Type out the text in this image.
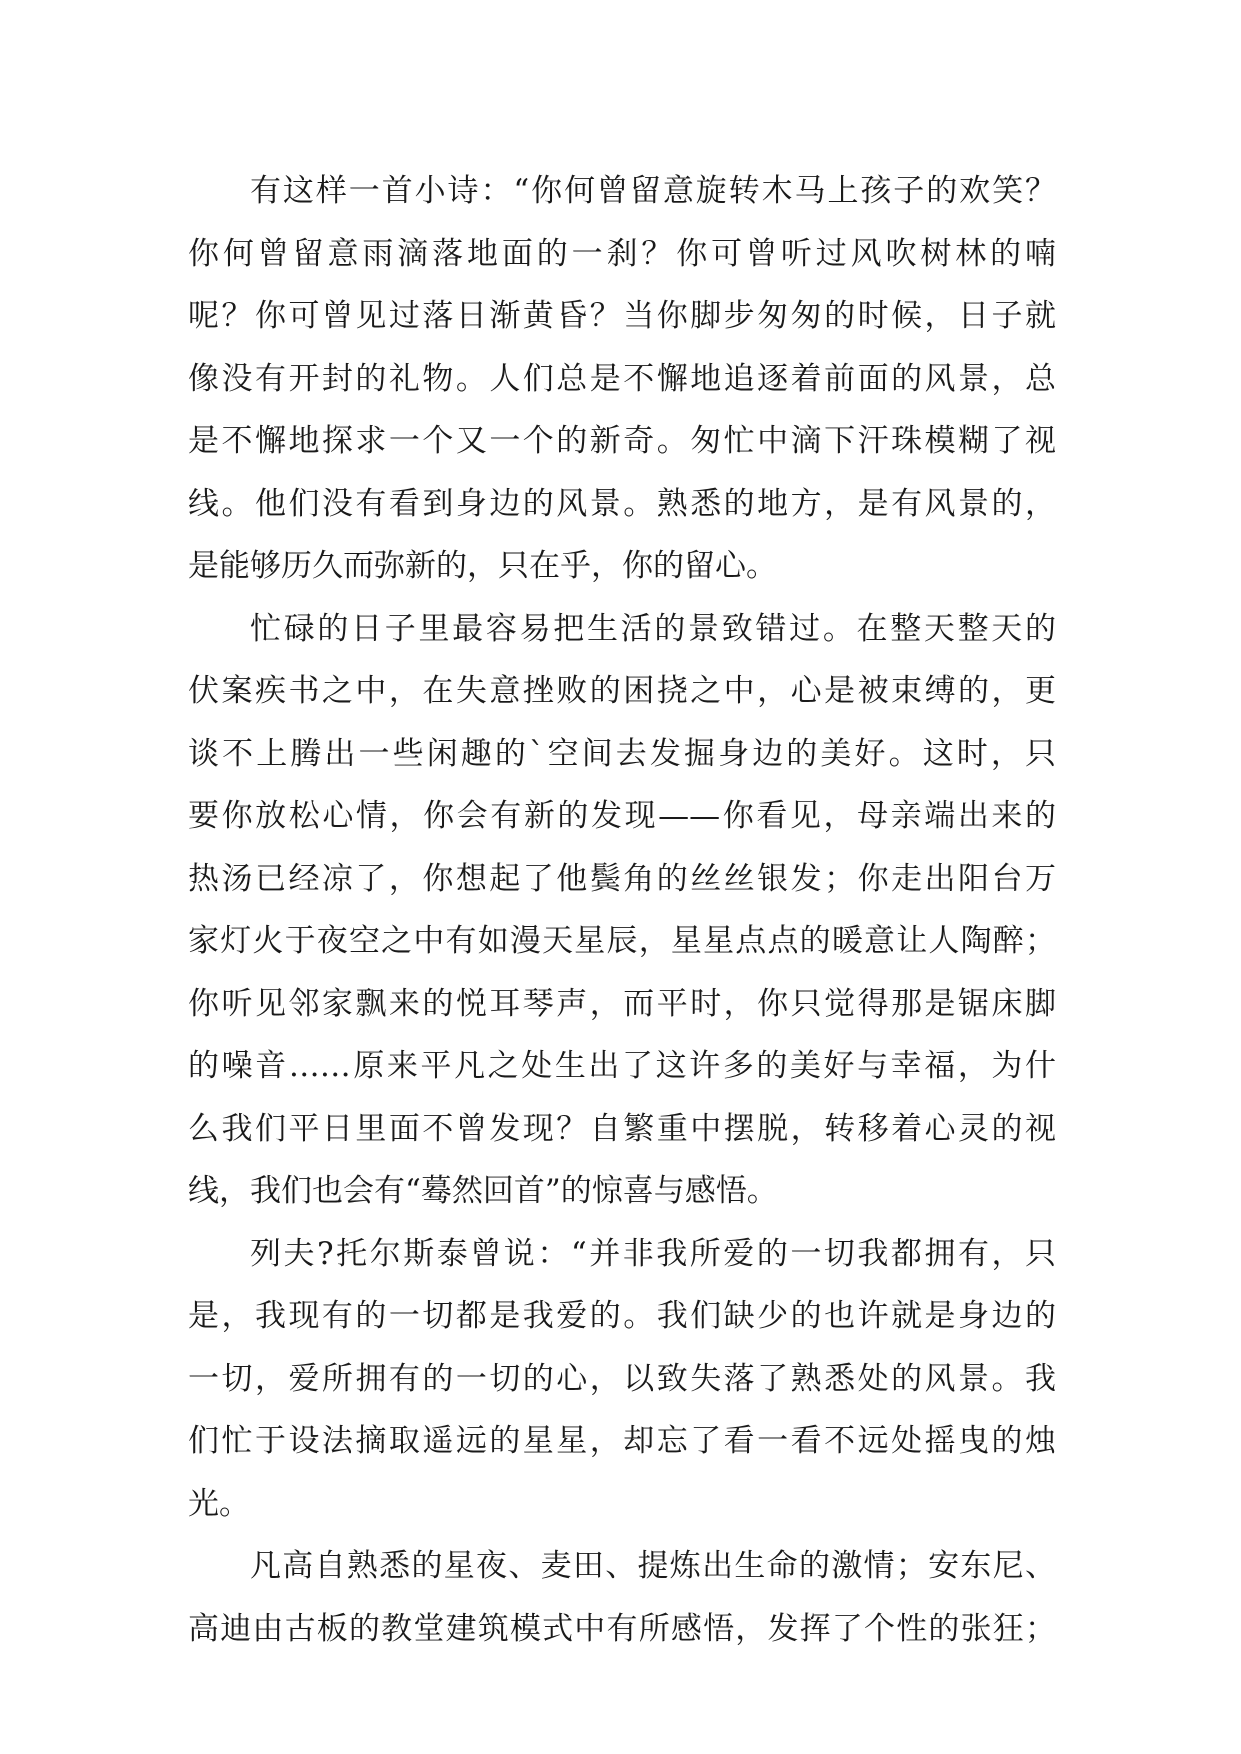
有这样一首小诗：“你何曾留意旋转木马上孩子的欢笑？
你何曾留意雨滴落地面的一刹？你可曾听过风吹树林的喃
呢？你可曾见过落日渐黄昏？当你脚步匆匆的时候，日子就
像没有开封的礼物。人们总是不懈地追逐着前面的风景，总
是不懈地探求一个又一个的新奇。匆忙中滴下汗珠模糊了视
线。他们没有看到身边的风景。熟悉的地方，是有风景的，
是能够历久而弥新的，只在乎，你的留心。
忙碌的日子里最容易把生活的景致错过。在整天整天的
伏案疾书之中，在失意挫败的困挠之中，心是被束缚的，更
谈不上腾出一些闲趣的`空间去发掘身边的美好。这时，只
要你放松心情，你会有新的发现——你看见，母亲端出来的
热汤已经凉了，你想起了他鬓角的丝丝银发；你走出阳台万
家灯火于夜空之中有如漫天星辰，星星点点的暖意让人陶醉；
你听见邻家飘来的悦耳琴声，而平时，你只觉得那是锯床脚
的噪音……原来平凡之处生出了这许多的美好与幸福，为什
么我们平日里面不曾发现？自繁重中摆脱，转移着心灵的视
线，我们也会有“蓦然回首”的惊喜与感悟。
列夫?托尔斯泰曾说：“并非我所爱的一切我都拥有，只
是，我现有的一切都是我爱的。我们缺少的也许就是身边的
一切，爱所拥有的一切的心，以致失落了熟悉处的风景。我
们忙于设法摘取遥远的星星，却忘了看一看不远处摇曳的烛
光。
凡高自熟悉的星夜、麦田、提炼出生命的激情；安东尼、
高迪由古板的教堂建筑模式中有所感悟，发挥了个性的张狂；
